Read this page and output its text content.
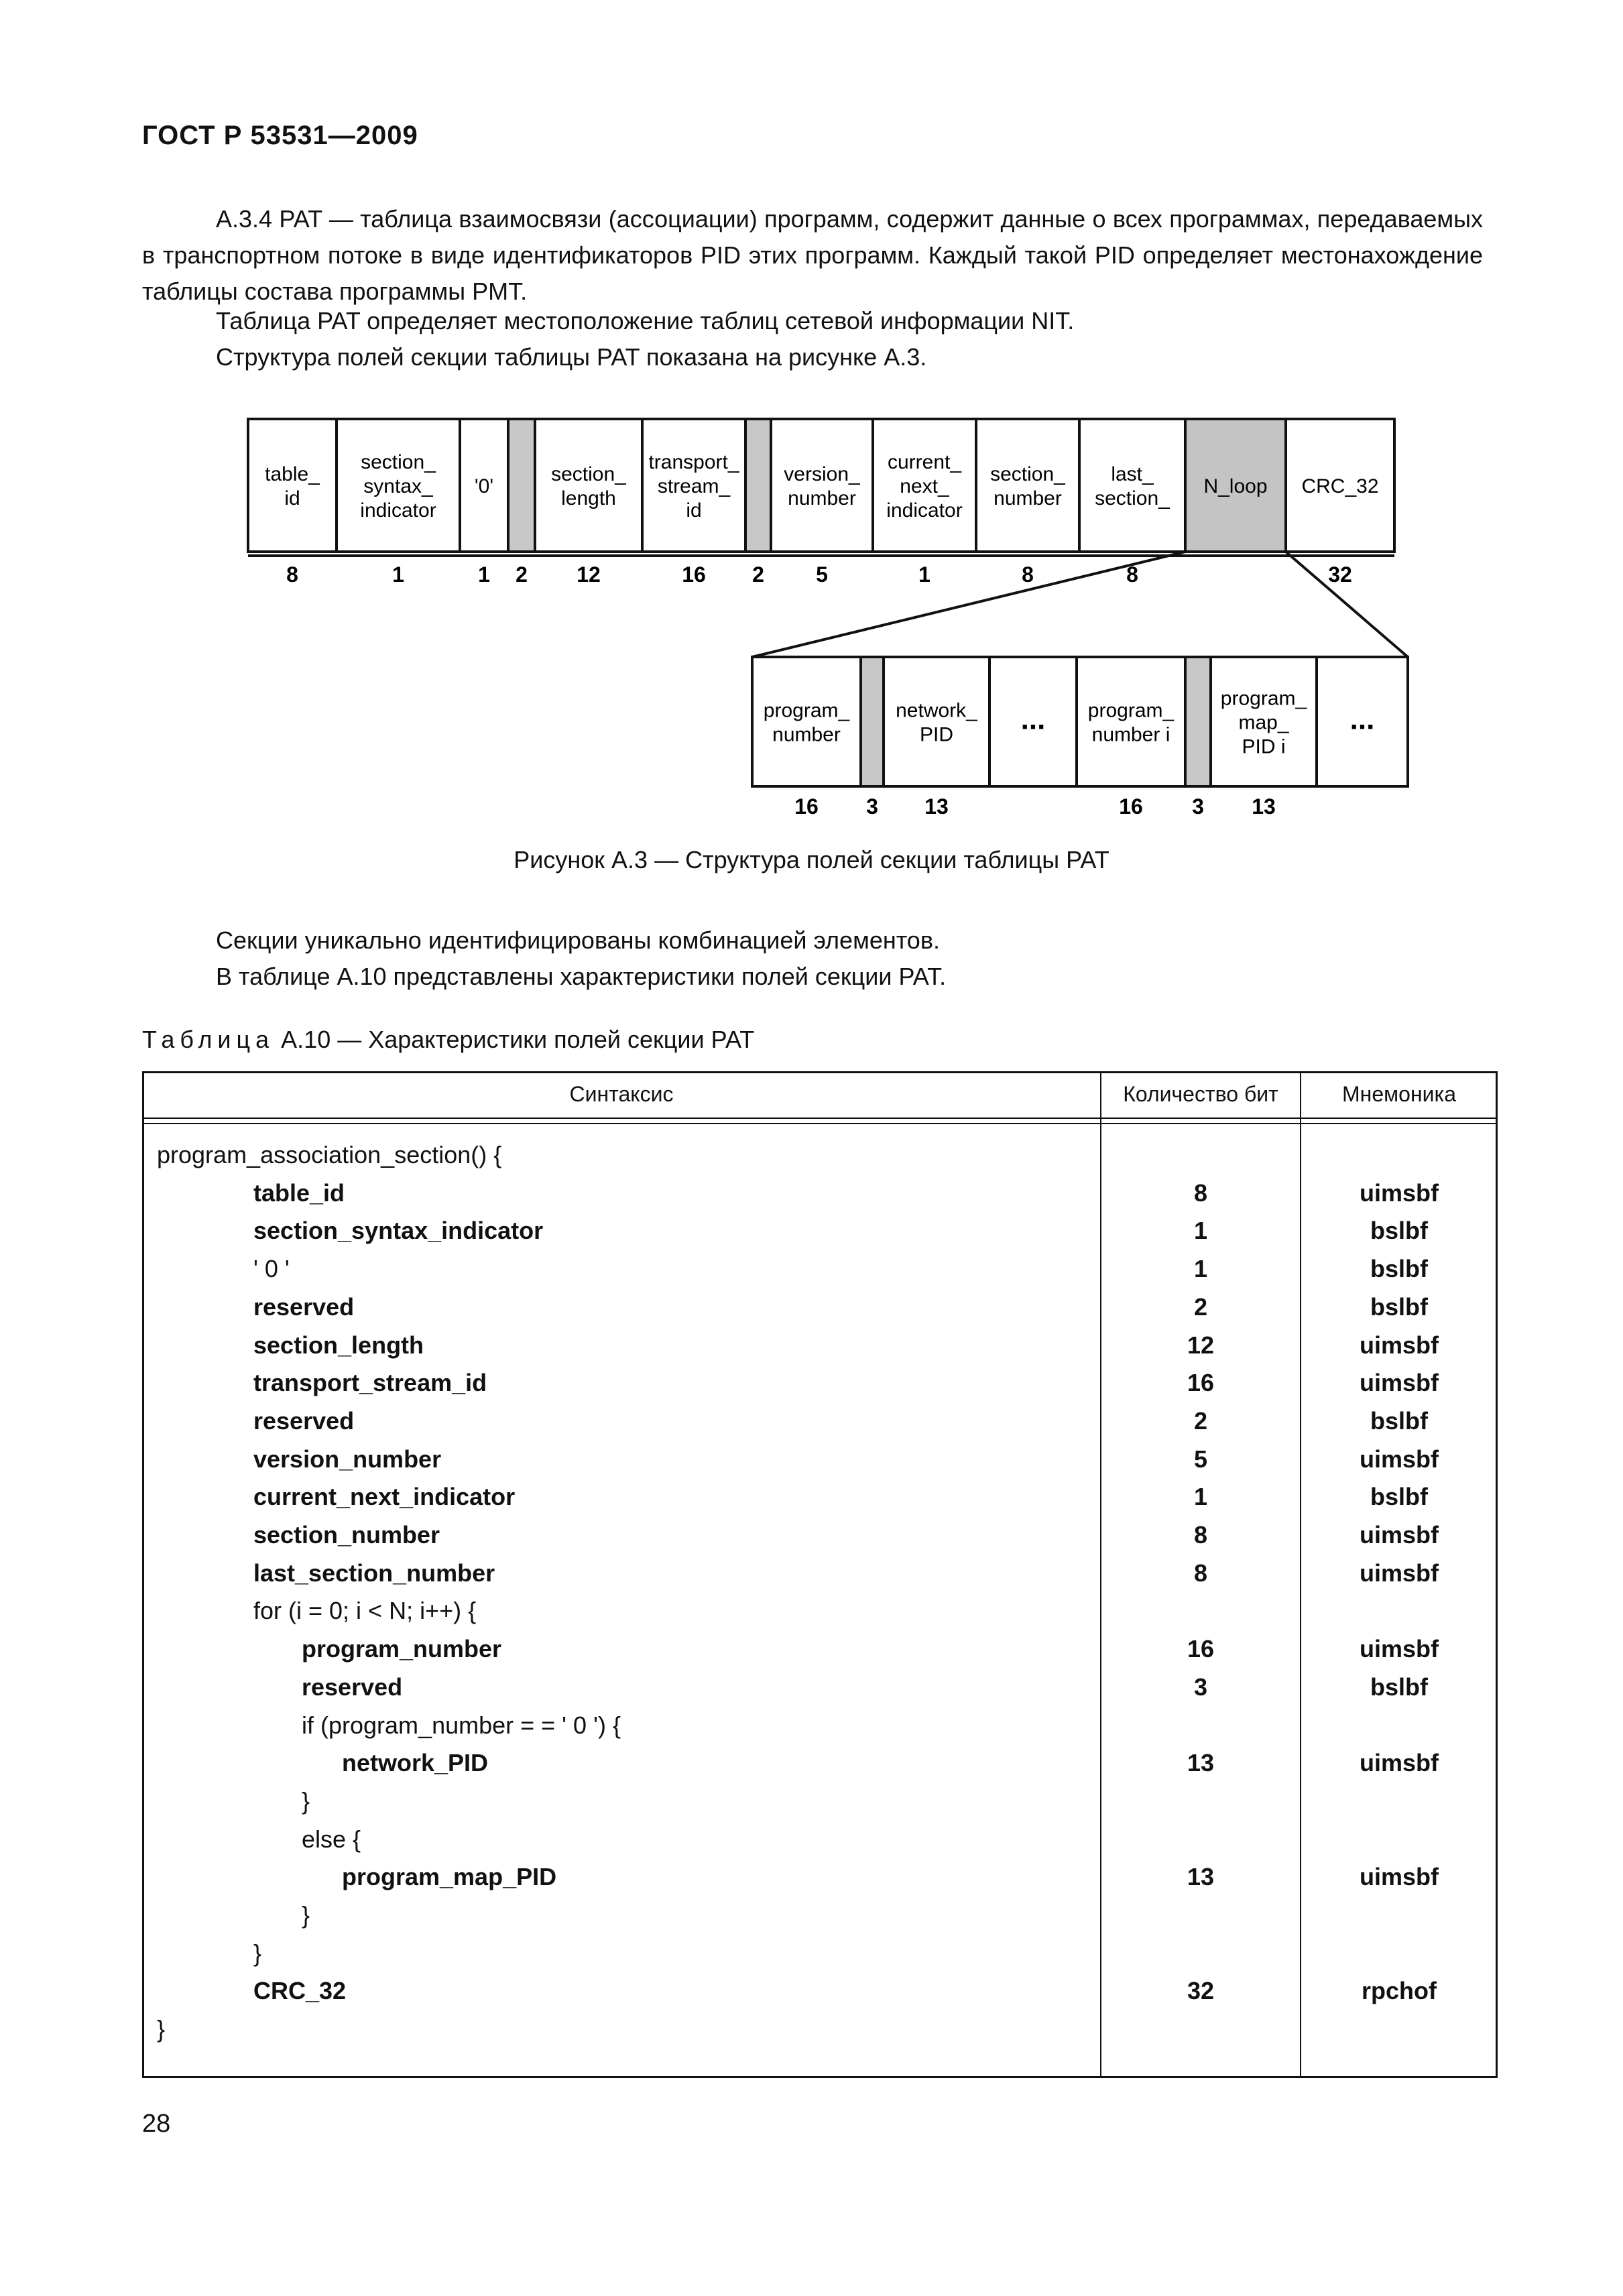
ГОСТ Р 53531—2009
А.3.4 PAT — таблица взаимосвязи (ассоциации) программ, содержит данные о всех программах, передаваемых в транспортном потоке в виде идентификаторов PID этих программ. Каждый такой PID определяет местонахождение таблицы состава программы PMT.
Таблица PAT определяет местоположение таблиц сетевой информации NIT.
Структура полей секции таблицы PAT показана на рисунке А.3.
table_
id
8
section_
syntax_
indicator
1
'0'
1 2
section_
length
12
transport_
stream_
id
16 2
version_
number
5
current_
next_
indicator
1
section_
number
8
last_
section_
8
N_loop CRC_32
32
program_
number
16 3
network_
PID
13
... program_
number i
16 3
program_
map_
PID i
13
...
Рисунок А.3 — Структура полей секции таблицы PAT
Секции уникально идентифицированы комбинацией элементов.
В таблице А.10 представлены характеристики полей секции PAT.
Таблица А.10 — Характеристики полей секции PAT
Синтаксис	Количество бит	Мнемоника
program_association_section() {
table_id	8	uimsbf
section_syntax_indicator	1	bslbf
' 0 '	1	bslbf
reserved	2	bslbf
section_length	12	uimsbf
transport_stream_id	16	uimsbf
reserved	2	bslbf
version_number	5	uimsbf
current_next_indicator	1	bslbf
section_number	8	uimsbf
last_section_number	8	uimsbf
for (i = 0; i < N; i++) {
program_number	16	uimsbf
reserved	3	bslbf
if (program_number = = ' 0 ') {
network_PID	13	uimsbf
}
else {
program_map_PID	13	uimsbf
}
}
CRC_32	32	rpchof
}
28
